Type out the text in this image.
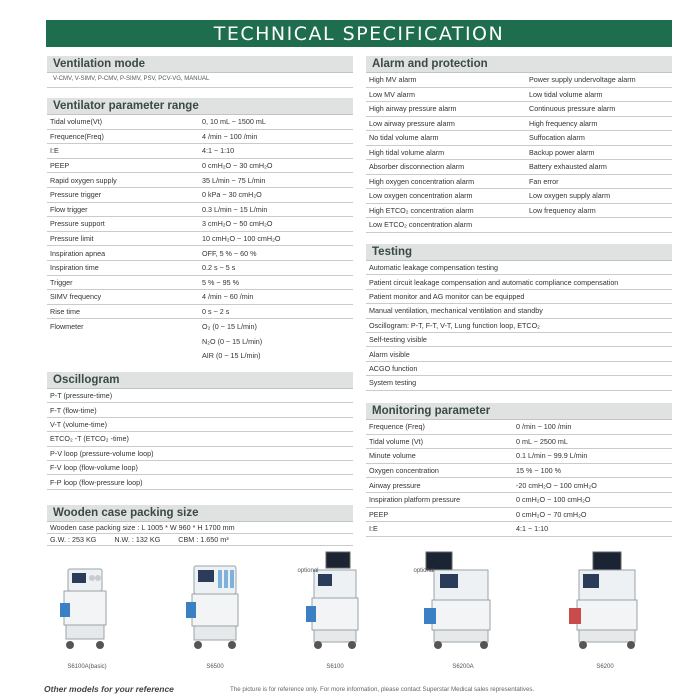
TECHNICAL SPECIFICATION
Ventilation mode
V-CMV, V-SIMV, P-CMV, P-SIMV, PSV, PCV-VG, MANUAL
Ventilator parameter range
Tidal volume(Vt)	0, 10 mL ~ 1500 mL
Frequence(Freq)	4 /min ~ 100 /min
I:E	4:1 ~ 1:10
PEEP	0 cmH₂O ~ 30 cmH₂O
Rapid oxygen supply	35 L/min ~ 75 L/min
Pressure trigger	0 kPa ~ 30 cmH₂O
Flow trigger	0.3 L/min ~ 15 L/min
Pressure support	3 cmH₂O ~ 50 cmH₂O
Pressure limit	10 cmH₂O ~ 100 cmH₂O
Inspiration apnea	OFF, 5 % ~ 60 %
Inspiration time	0.2 s ~ 5 s
Trigger	5 % ~ 95 %
SIMV frequency	4 /min ~ 60 /min
Rise time	0 s ~ 2 s
Flowmeter	O₂ (0 ~ 15 L/min)
N₂O (0 ~ 15 L/min)
AIR (0 ~ 15 L/min)
Oscillogram
P-T (pressure-time)
F-T (flow-time)
V-T (volume-time)
ETCO₂ -T (ETCO₂ -time)
P-V loop (pressure-volume loop)
F-V loop (flow-volume loop)
F-P loop (flow-pressure loop)
Wooden case packing size
Wooden case packing size : L 1005 * W 960 * H 1700 mm
G.W. : 253 KG	N.W. : 132 KG	CBM : 1.650 m³
Alarm and protection
High MV alarm	Power supply undervoltage alarm
Low MV alarm	Low tidal volume alarm
High airway pressure alarm	Continuous pressure alarm
Low airway pressure alarm	High frequency alarm
No tidal volume alarm	Suffocation alarm
High tidal volume alarm	Backup power alarm
Absorber disconnection alarm	Battery exhausted alarm
High oxygen concentration alarm	Fan error
Low oxygen concentration alarm	Low oxygen supply alarm
High ETCO₂ concentration alarm	Low frequency alarm
Low ETCO₂ concentration alarm
Testing
Automatic leakage compensation testing
Patient circuit leakage compensation and automatic compliance compensation
Patient monitor and AG monitor can be equipped
Manual ventilation, mechanical ventilation and standby
Oscillogram: P-T, F-T, V-T, Lung function loop, ETCO₂
Self-testing visible
Alarm visible
ACGO function
System testing
Monitoring parameter
Frequence (Freq)	0 /min ~ 100 /min
Tidal volume (Vt)	0 mL ~ 2500 mL
Minute volume	0.1 L/min ~ 99.9 L/min
Oxygen concentration	15 % ~ 100 %
Airway pressure	-20 cmH₂O ~ 100 cmH₂O
Inspiration platform pressure	0 cmH₂O ~ 100 cmH₂O
PEEP	0 cmH₂O ~ 70 cmH₂O
I:E	4:1 ~ 1:10
S6100A(basic)	S6500	S6100	S6200A	S6200
optional	optional
Other models for your reference	The picture is for reference only. For more information, please contact Superstar Medical sales representatives.
